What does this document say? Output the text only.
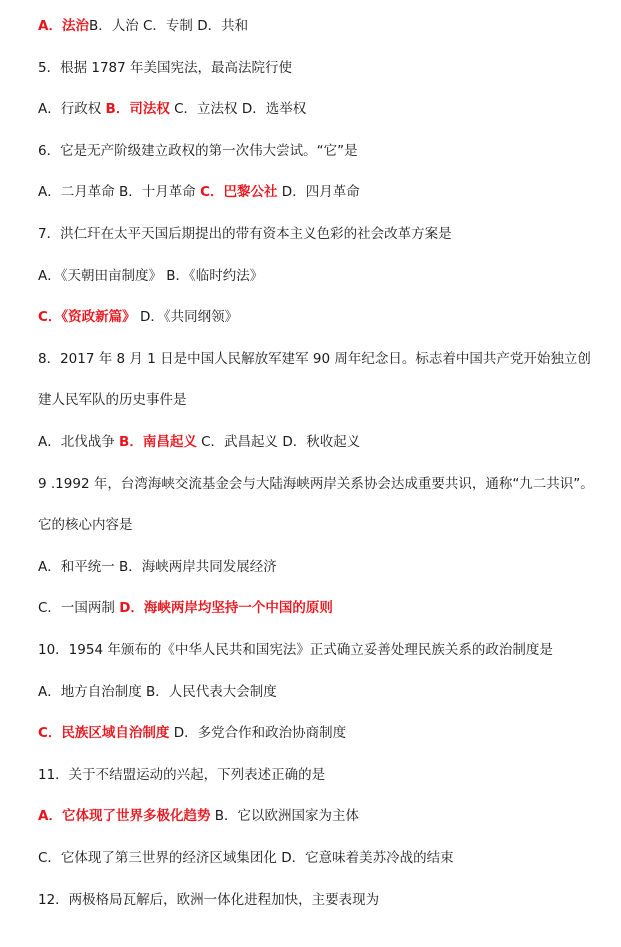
A．法治B．人治 C．专制 D．共和
5．根据 1787 年美国宪法，最高法院行使
A．行政权 B．司法权 C．立法权 D．选举权
6．它是无产阶级建立政权的第一次伟大尝试。“它”是
A．二月革命 B．十月革命 C．巴黎公社 D．四月革命
7．洪仁玕在太平天国后期提出的带有资本主义色彩的社会改革方案是
A．《天朝田亩制度》 B．《临时约法》
C．《资政新篇》 D．《共同纲领》
8．2017 年 8 月 1 日是中国人民解放军建军 90 周年纪念日。标志着中国共产党开始独立创
建人民军队的历史事件是
A．北伐战争 B．南昌起义 C．武昌起义 D．秋收起义
9 .1992 年，台湾海峡交流基金会与大陆海峡两岸关系协会达成重要共识，通称“九二共识”。
它的核心内容是
A．和平统一 B．海峡两岸共同发展经济
C．一国两制 D．海峡两岸均坚持一个中国的原则
10．1954 年颁布的《中华人民共和国宪法》正式确立妥善处理民族关系的政治制度是
A．地方自治制度 B．人民代表大会制度
C．民族区域自治制度 D．多党合作和政治协商制度
11．关于不结盟运动的兴起，下列表述正确的是
A．它体现了世界多极化趋势 B．它以欧洲国家为主体
C．它体现了第三世界的经济区域集团化 D．它意味着美苏冷战的结束
12．两极格局瓦解后，欧洲一体化进程加快，主要表现为
